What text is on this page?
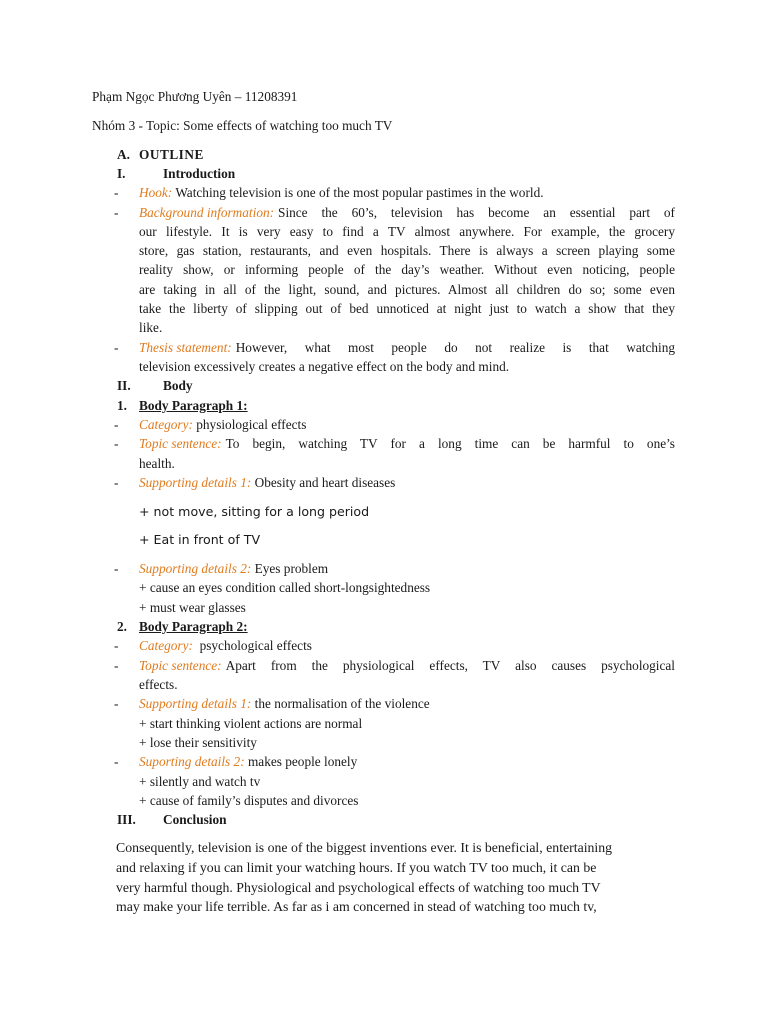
Phạm Ngọc Phương Uyên – 11208391
Nhóm 3 - Topic: Some effects of watching too much TV
A. OUTLINE
I.	Introduction
- Hook: Watching television is one of the most popular pastimes in the world.
- Background information: Since the 60’s, television has become an essential part of
our lifestyle. It is very easy to find a TV almost anywhere. For example, the grocery
store, gas station, restaurants, and even hospitals. There is always a screen playing some
reality show, or informing people of the day’s weather. Without even noticing, people
are taking in all of the light, sound, and pictures. Almost all children do so; some even
take the liberty of slipping out of bed unnoticed at night just to watch a show that they
like.
- Thesis statement: However, what most people do not realize is that watching
television excessively creates a negative effect on the body and mind.
II. Body
1. Body Paragraph 1:
- Category: physiological effects
- Topic sentence: To begin, watching TV for a long time can be harmful to one’s
health.
- Supporting details 1: Obesity and heart diseases
+ not move, sitting for a long period
+ Eat in front of TV
- Supporting details 2: Eyes problem
+ cause an eyes condition called short-longsightedness
+ must wear glasses
2. Body Paragraph 2:
- Category:  psychological effects
- Topic sentence: Apart from the physiological effects, TV also causes psychological
effects.
- Supporting details 1: the normalisation of the violence
+ start thinking violent actions are normal
+ lose their sensitivity
- Suporting details 2: makes people lonely
+ silently and watch tv
+ cause of family’s disputes and divorces
III. Conclusion
Consequently, television is one of the biggest inventions ever. It is beneficial, entertaining
and relaxing if you can limit your watching hours. If you watch TV too much, it can be
very harmful though. Physiological and psychological effects of watching too much TV
may make your life terrible. As far as i am concerned in stead of watching too much tv,
